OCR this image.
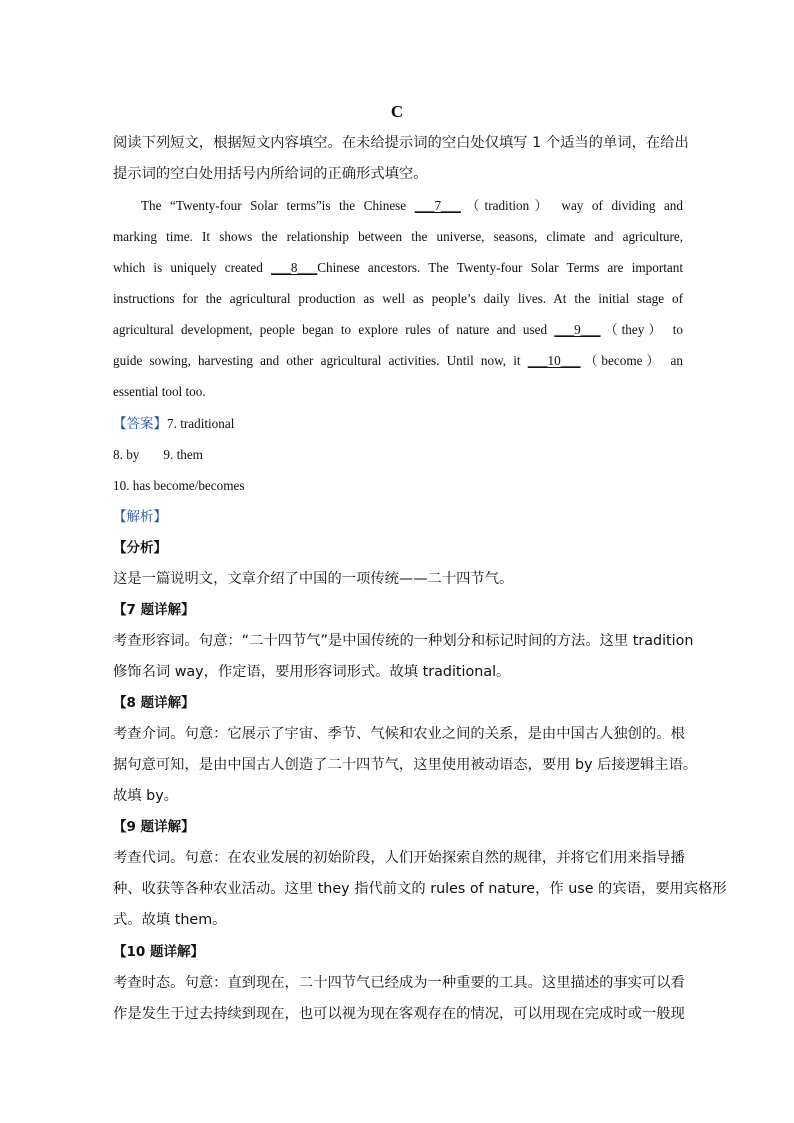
C
阅读下列短文，根据短文内容填空。在未给提示词的空白处仅填写 1 个适当的单词，在给出
提示词的空白处用括号内所给词的正确形式填空。
The “Twenty-four Solar terms”is the Chinese ___7___（tradition） way of dividing and
marking time. It shows the relationship between the universe, seasons, climate and agriculture,
which is uniquely created ___8___Chinese ancestors. The Twenty-four Solar Terms are important
instructions for the agricultural production as well as people’s daily lives. At the initial stage of
agricultural development, people began to explore rules of nature and used ___9___（they） to
guide sowing, harvesting and other agricultural activities. Until now, it ___10___（become） an
essential tool too.
【答案】7. traditional
8. by 9. them
10. has become/becomes
【解析】
【分析】
这是一篇说明文，文章介绍了中国的一项传统——二十四节气。
【7 题详解】
考查形容词。句意：“二十四节气”是中国传统的一种划分和标记时间的方法。这里 tradition
修饰名词 way，作定语，要用形容词形式。故填 traditional。
【8 题详解】
考查介词。句意：它展示了宇宙、季节、气候和农业之间的关系，是由中国古人独创的。根
据句意可知，是由中国古人创造了二十四节气，这里使用被动语态，要用 by 后接逻辑主语。
故填 by。
【9 题详解】
考查代词。句意：在农业发展的初始阶段，人们开始探索自然的规律，并将它们用来指导播
种、收获等各种农业活动。这里 they 指代前文的 rules of nature，作 use 的宾语，要用宾格形
式。故填 them。
【10 题详解】
考查时态。句意：直到现在，二十四节气已经成为一种重要的工具。这里描述的事实可以看
作是发生于过去持续到现在，也可以视为现在客观存在的情况，可以用现在完成时或一般现
